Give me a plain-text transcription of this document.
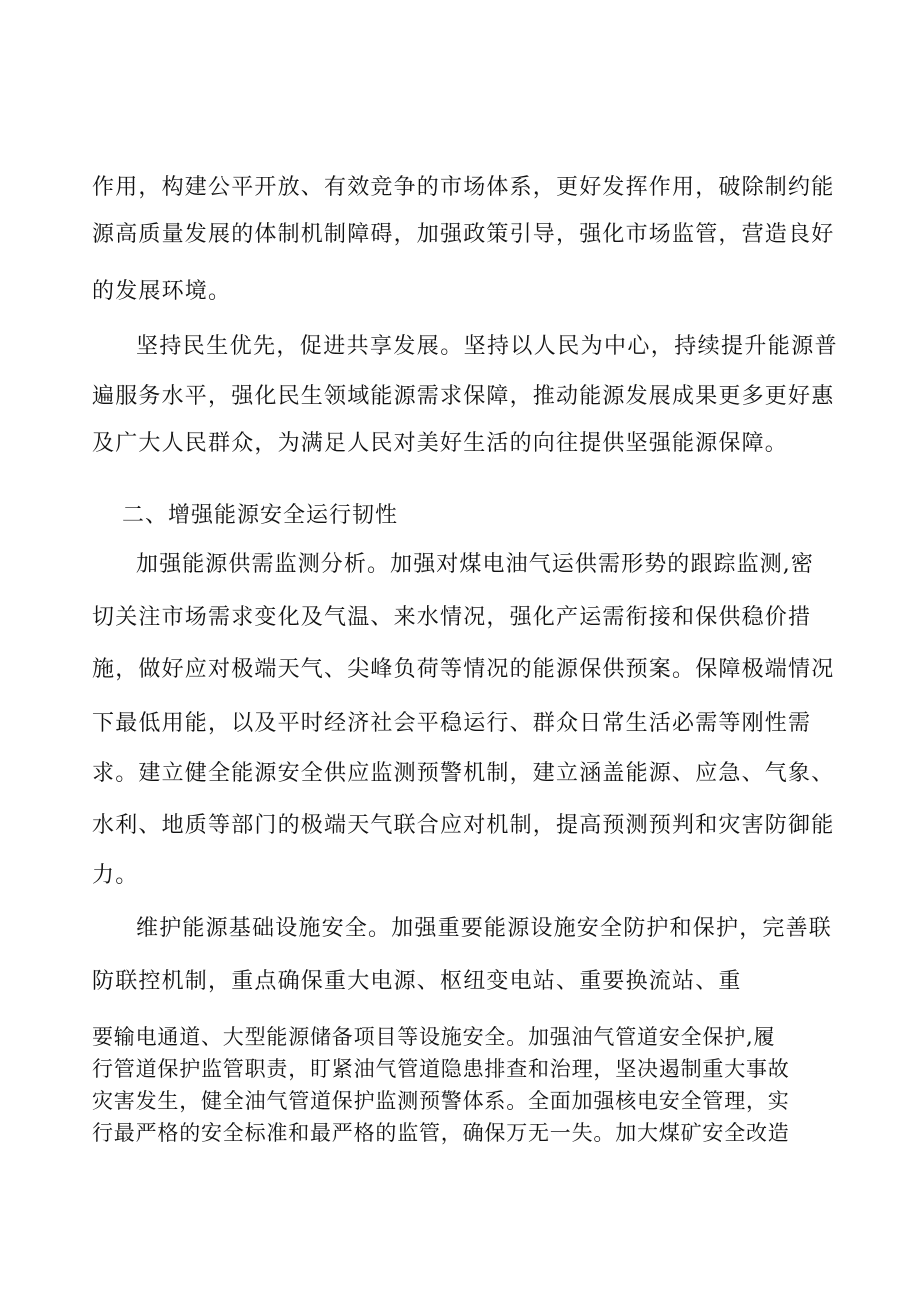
作用，构建公平开放、有效竞争的市场体系，更好发挥作用，破除制约能

源高质量发展的体制机制障碍，加强政策引导，强化市场监管，营造良好

的发展环境。

坚持民生优先，促进共享发展。坚持以人民为中心，持续提升能源普

遍服务水平，强化民生领域能源需求保障，推动能源发展成果更多更好惠

及广大人民群众，为满足人民对美好生活的向往提供坚强能源保障。

二、增强能源安全运行韧性

加强能源供需监测分析。加强对煤电油气运供需形势的跟踪监测,密

切关注市场需求变化及气温、来水情况，强化产运需衔接和保供稳价措

施，做好应对极端天气、尖峰负荷等情况的能源保供预案。保障极端情况

下最低用能，以及平时经济社会平稳运行、群众日常生活必需等刚性需

求。建立健全能源安全供应监测预警机制，建立涵盖能源、应急、气象、

水利、地质等部门的极端天气联合应对机制，提高预测预判和灾害防御能

力。

维护能源基础设施安全。加强重要能源设施安全防护和保护，完善联

防联控机制，重点确保重大电源、枢纽变电站、重要换流站、重

要输电通道、大型能源储备项目等设施安全。加强油气管道安全保护,履

行管道保护监管职责，盯紧油气管道隐患排查和治理，坚决遏制重大事故

灾害发生，健全油气管道保护监测预警体系。全面加强核电安全管理，实

行最严格的安全标准和最严格的监管，确保万无一失。加大煤矿安全改造
